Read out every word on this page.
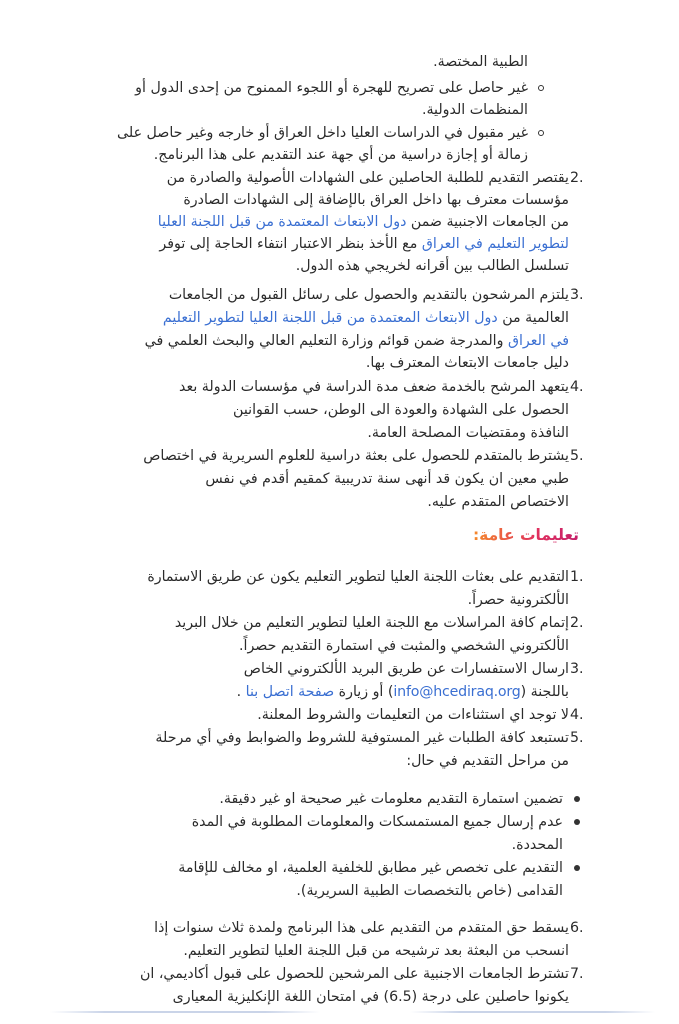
الطبية المختصة.
غير حاصل على تصريح للهجرة أو اللجوء الممنوح من إحدى الدول أو
المنظمات الدولية.
غير مقبول في الدراسات العليا داخل العراق أو خارجه وغير حاصل على
زمالة أو إجازة دراسية من أي جهة عند التقديم على هذا البرنامج.
2.
يقتصر التقديم للطلبة الحاصلين على الشهادات الأصولية والصادرة من
مؤسسات معترف بها داخل العراق بالإضافة إلى الشهادات الصادرة
من الجامعات الاجنبية ضمن دول الابتعاث المعتمدة من قبل اللجنة العليا
لتطوير التعليم في العراق مع الأخذ بنظر الاعتبار انتفاء الحاجة إلى توفر
تسلسل الطالب بين أقرانه لخريجي هذه الدول.
3.
يلتزم المرشحون بالتقديم والحصول على رسائل القبول من الجامعات
العالمية من دول الابتعاث المعتمدة من قبل اللجنة العليا لتطوير التعليم
في العراق والمدرجة ضمن قوائم وزارة التعليم العالي والبحث العلمي في
دليل جامعات الابتعاث المعترف بها.
4.
يتعهد المرشح بالخدمة ضعف مدة الدراسة في مؤسسات الدولة بعد
الحصول على الشهادة والعودة الى الوطن، حسب القوانين
النافذة ومقتضيات المصلحة العامة.
5.
يشترط بالمتقدم للحصول على بعثة دراسية للعلوم السريرية في اختصاص
طبي معين ان يكون قد أنهى سنة تدريبية كمقيم أقدم في نفس
الاختصاص المتقدم عليه.
تعليمات عامة:
1.
التقديم على بعثات اللجنة العليا لتطوير التعليم يكون عن طريق الاستمارة
الألكترونية حصراً.
2.
إتمام كافة المراسلات مع اللجنة العليا لتطوير التعليم من خلال البريد
الألكتروني الشخصي والمثبت في استمارة التقديم حصراً.
3.
ارسال الاستفسارات عن طريق البريد الألكتروني الخاص
باللجنة (info@hcediraq.org) أو زيارة صفحة اتصل بنا .
4.
لا توجد اي استثناءات من التعليمات والشروط المعلنة.
5.
تستبعد كافة الطلبات غير المستوفية للشروط والضوابط وفي أي مرحلة
من مراحل التقديم في حال:
تضمين استمارة التقديم معلومات غير صحيحة او غير دقيقة.
عدم إرسال جميع المستمسكات والمعلومات المطلوبة في المدة
المحددة.
التقديم على تخصص غير مطابق للخلفية العلمية، او مخالف للإقامة
القدامى (خاص بالتخصصات الطبية السريرية).
6.
يسقط حق المتقدم من التقديم على هذا البرنامج ولمدة ثلاث سنوات إذا
انسحب من البعثة بعد ترشيحه من قبل اللجنة العليا لتطوير التعليم.
7.
تشترط الجامعات الاجنبية على المرشحين للحصول على قبول أكاديمي، ان
يكونوا حاصلين على درجة (6.5) في امتحان اللغة الإنكليزية المعيارى
